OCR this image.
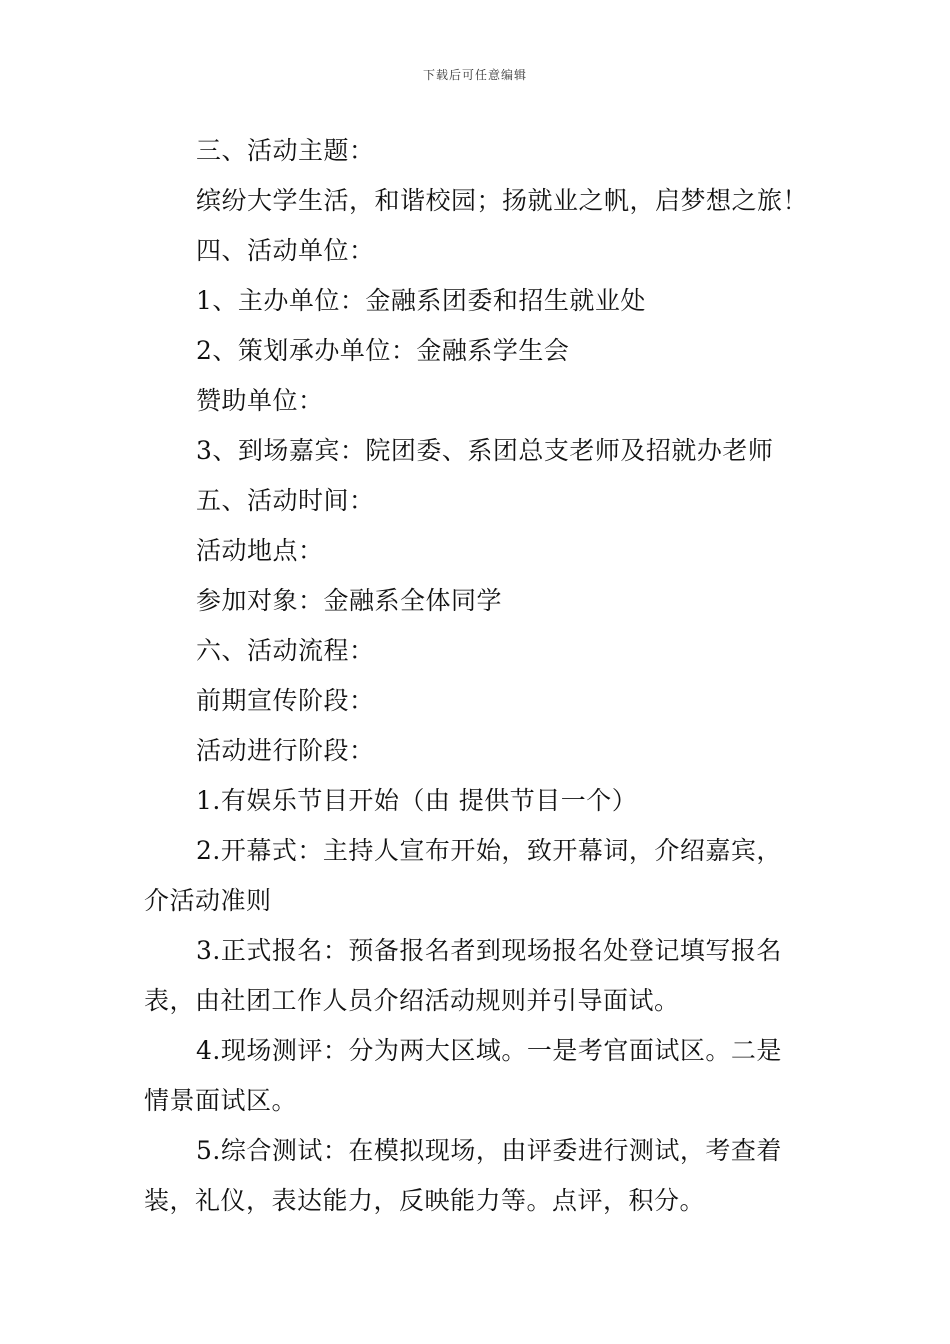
下载后可任意编辑
三、活动主题：
缤纷大学生活，和谐校园；扬就业之帆，启梦想之旅！
四、活动单位：
1、主办单位：金融系团委和招生就业处
2、策划承办单位：金融系学生会
赞助单位：
3、到场嘉宾：院团委、系团总支老师及招就办老师
五、活动时间：
活动地点：
参加对象：金融系全体同学
六、活动流程：
前期宣传阶段：
活动进行阶段：
1.有娱乐节目开始（由 提供节目一个）
2.开幕式：主持人宣布开始，致开幕词，介绍嘉宾，
介活动准则
3.正式报名：预备报名者到现场报名处登记填写报名
表，由社团工作人员介绍活动规则并引导面试。
4.现场测评：分为两大区域。一是考官面试区。二是
情景面试区。
5.综合测试：在模拟现场，由评委进行测试，考查着
装，礼仪，表达能力，反映能力等。点评，积分。
